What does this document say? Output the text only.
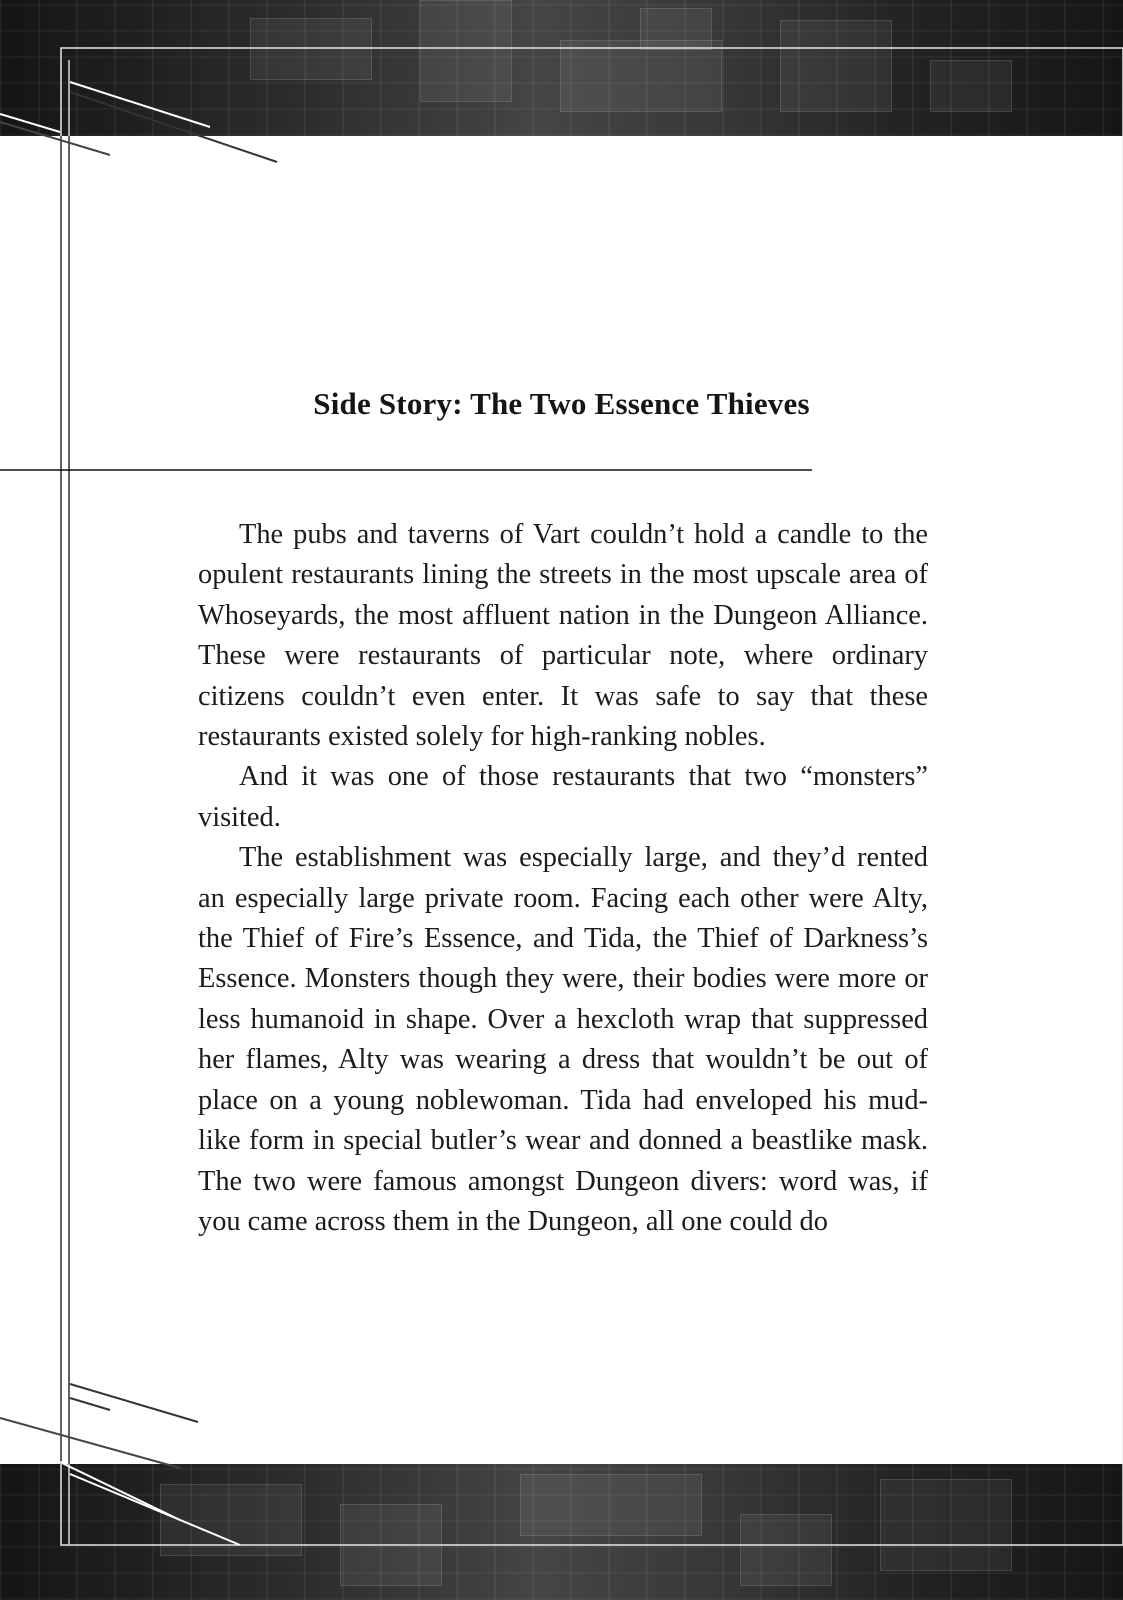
Side Story: The Two Essence Thieves

The pubs and taverns of Vart couldn’t hold a candle to the opulent restaurants lining the streets in the most upscale area of Whoseyards, the most affluent nation in the Dungeon Alliance. These were restaurants of particular note, where ordinary citizens couldn’t even enter. It was safe to say that these restaurants existed solely for high-ranking nobles.

And it was one of those restaurants that two “monsters” visited.

The establishment was especially large, and they’d rented an especially large private room. Facing each other were Alty, the Thief of Fire’s Essence, and Tida, the Thief of Darkness’s Essence. Monsters though they were, their bodies were more or less humanoid in shape. Over a hexcloth wrap that suppressed her flames, Alty was wearing a dress that wouldn’t be out of place on a young noblewoman. Tida had enveloped his mud-like form in special butler’s wear and donned a beastlike mask. The two were famous amongst Dungeon divers: word was, if you came across them in the Dungeon, all one could do
